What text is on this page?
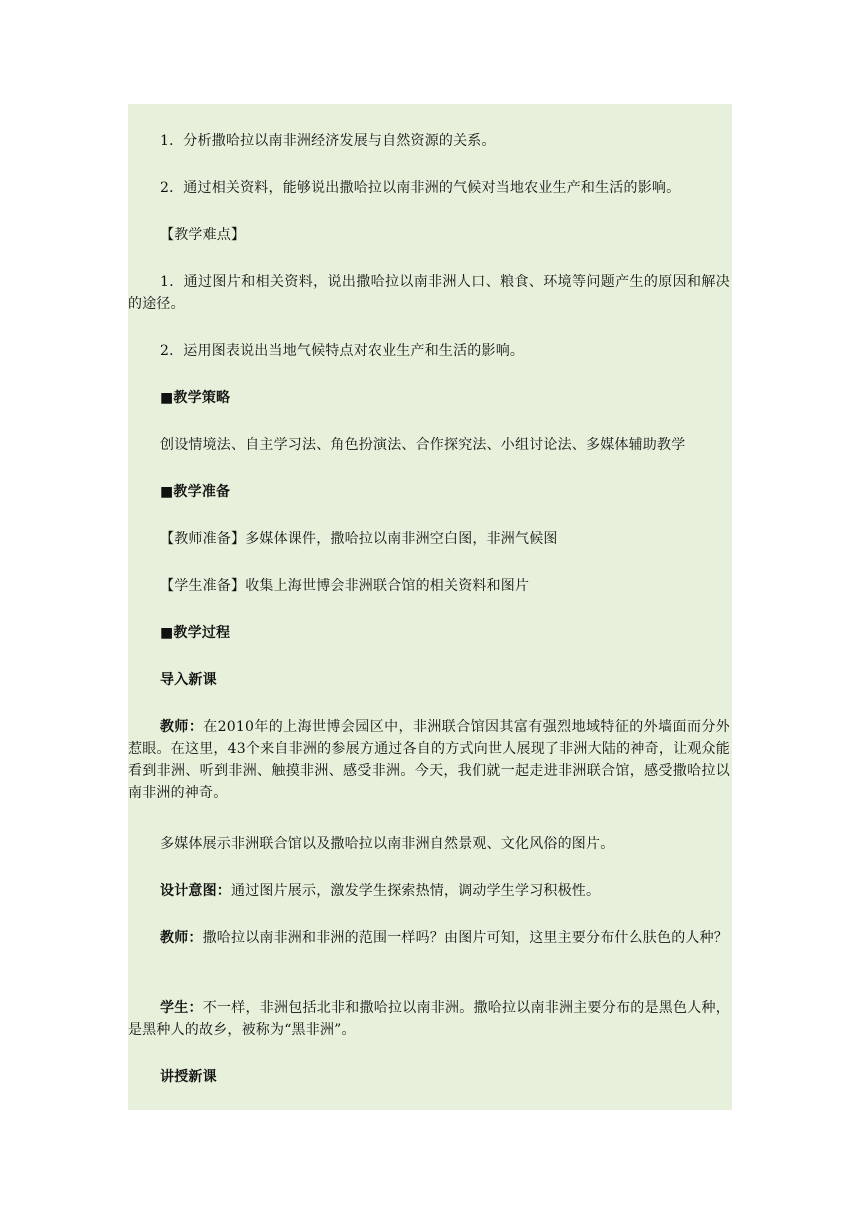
1．分析撒哈拉以南非洲经济发展与自然资源的关系。

2．通过相关资料，能够说出撒哈拉以南非洲的气候对当地农业生产和生活的影响。

【教学难点】

1．通过图片和相关资料，说出撒哈拉以南非洲人口、粮食、环境等问题产生的原因和解决的途径。

2．运用图表说出当地气候特点对农业生产和生活的影响。

■教学策略

创设情境法、自主学习法、角色扮演法、合作探究法、小组讨论法、多媒体辅助教学

■教学准备

【教师准备】多媒体课件，撒哈拉以南非洲空白图，非洲气候图

【学生准备】收集上海世博会非洲联合馆的相关资料和图片

■教学过程

导入新课

教师：在2010年的上海世博会园区中，非洲联合馆因其富有强烈地域特征的外墙面而分外惹眼。在这里，43个来自非洲的参展方通过各自的方式向世人展现了非洲大陆的神奇，让观众能看到非洲、听到非洲、触摸非洲、感受非洲。今天，我们就一起走进非洲联合馆，感受撒哈拉以南非洲的神奇。

多媒体展示非洲联合馆以及撒哈拉以南非洲自然景观、文化风俗的图片。

设计意图：通过图片展示，激发学生探索热情，调动学生学习积极性。

教师：撒哈拉以南非洲和非洲的范围一样吗？由图片可知，这里主要分布什么肤色的人种？

学生：不一样，非洲包括北非和撒哈拉以南非洲。撒哈拉以南非洲主要分布的是黑色人种，是黑种人的故乡，被称为“黑非洲”。

讲授新课
